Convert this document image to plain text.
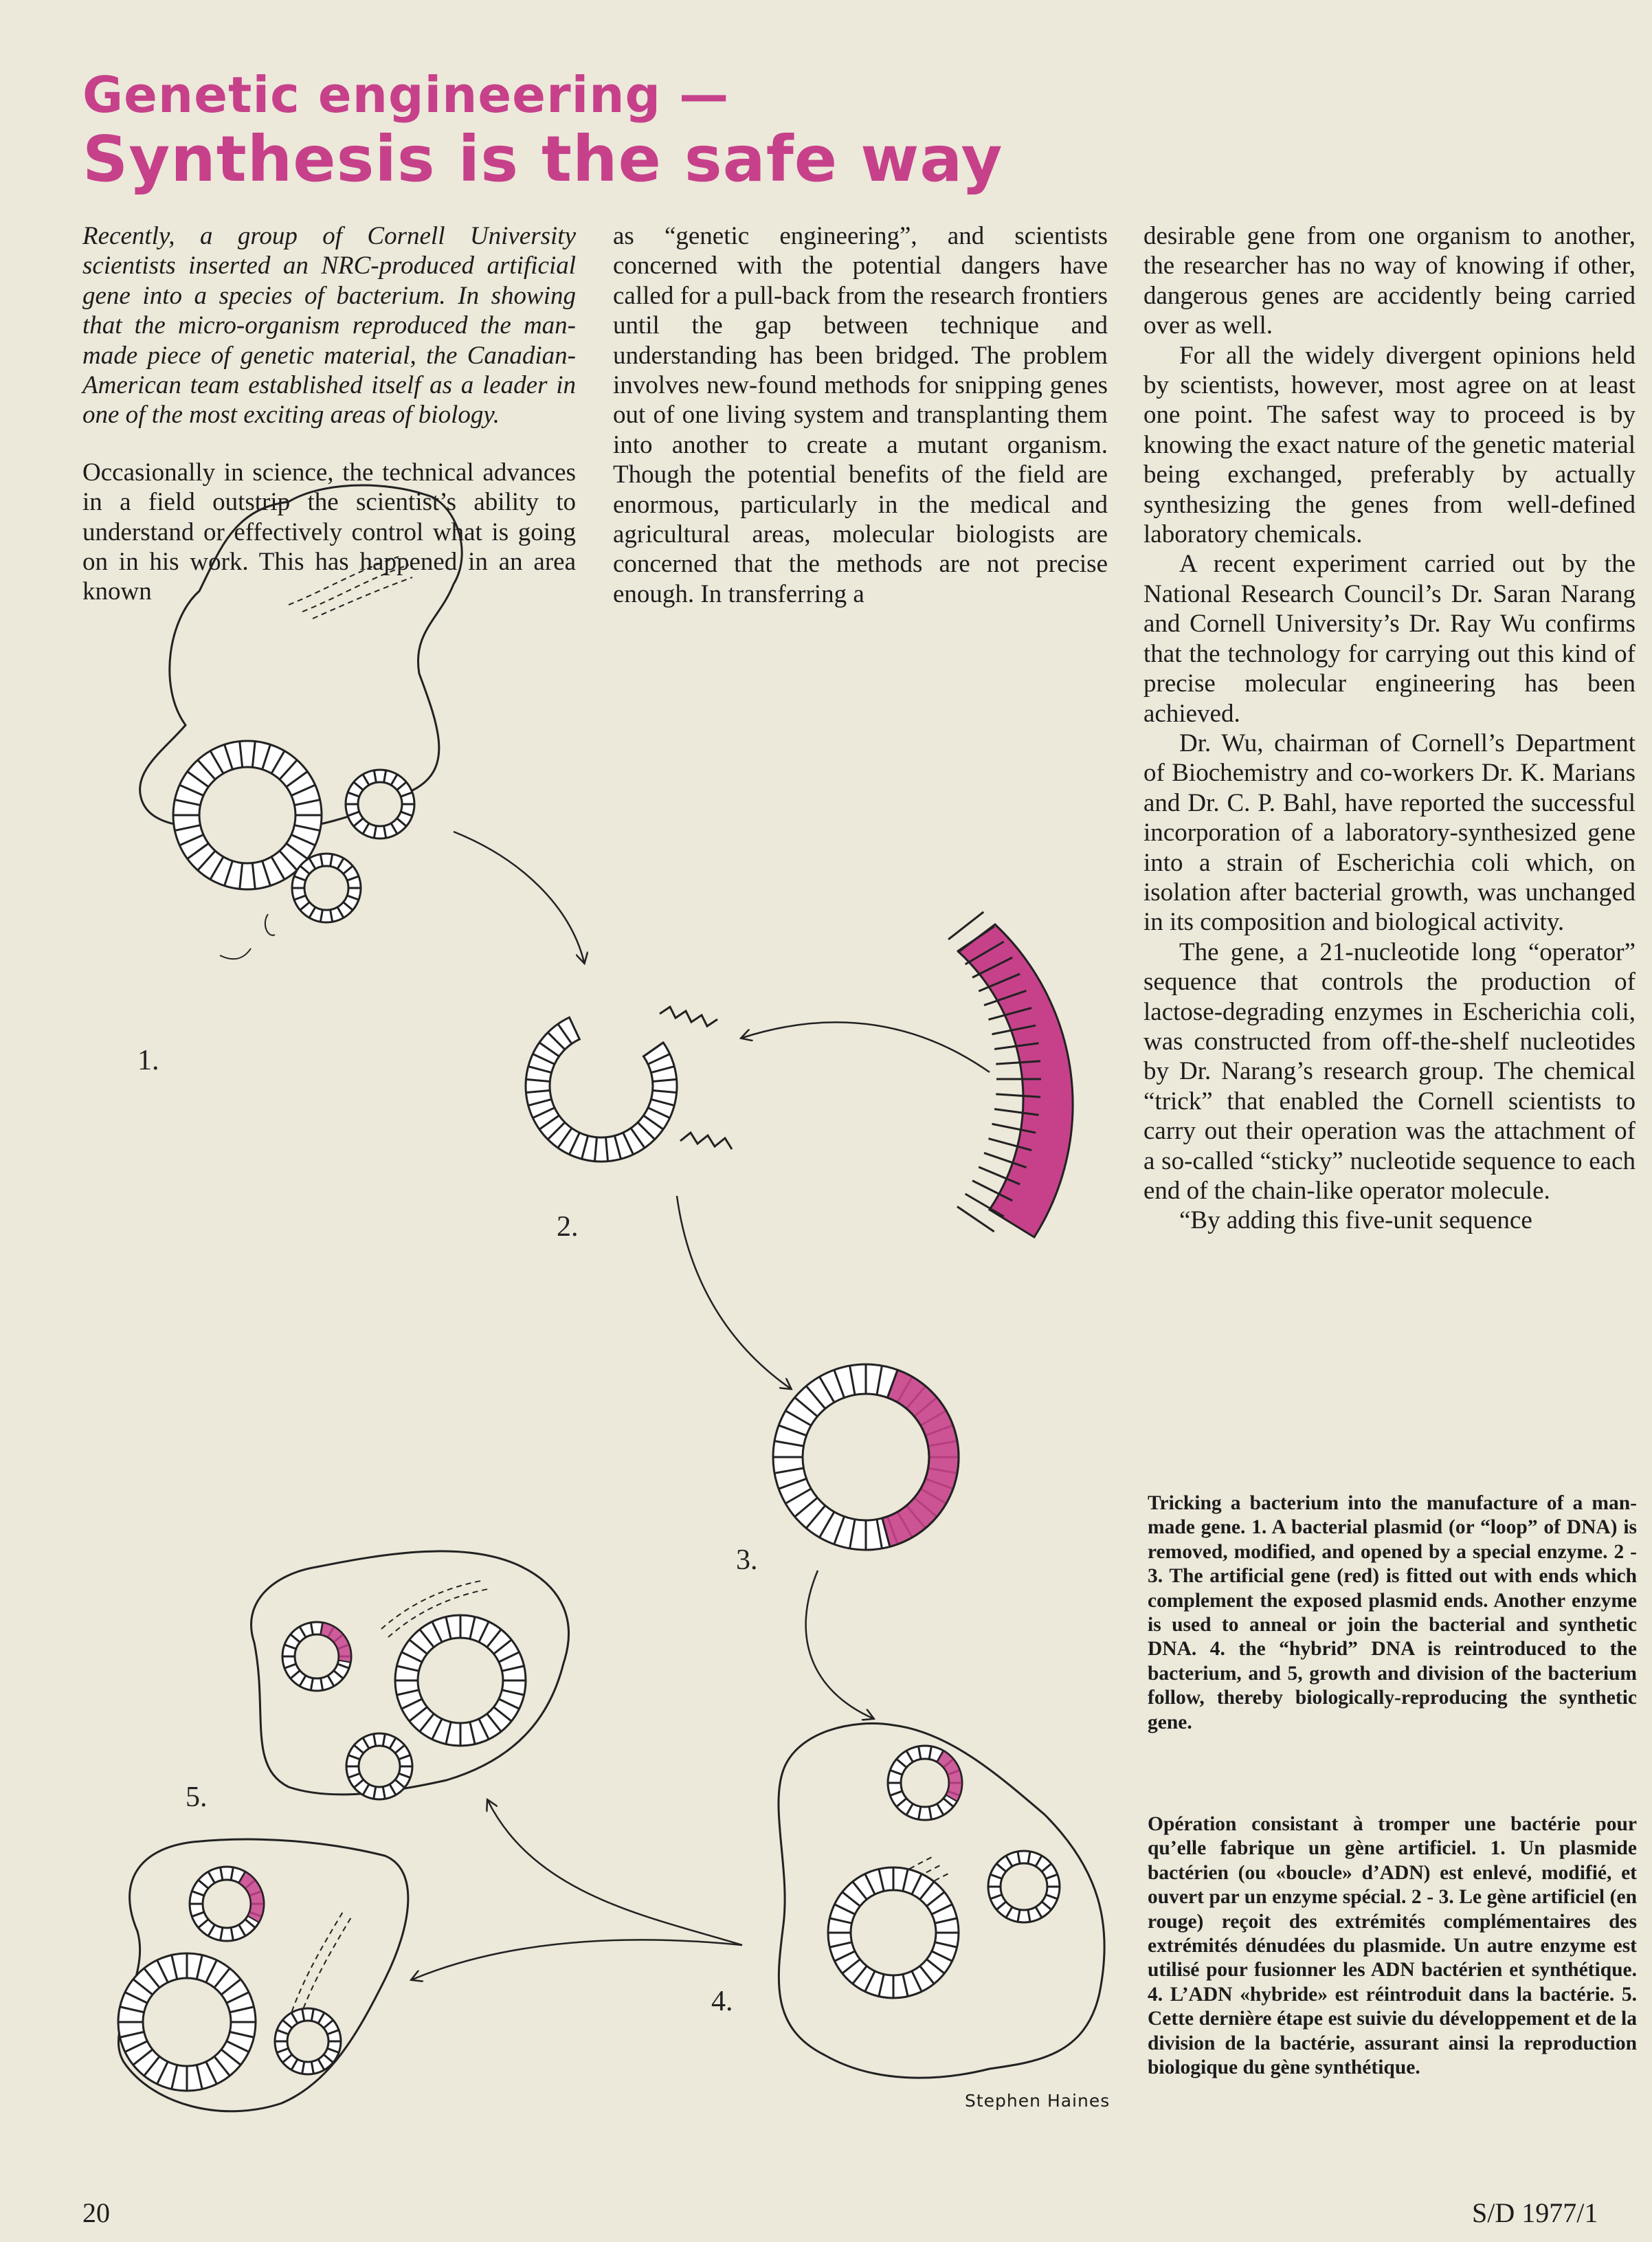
Genetic engineering —
Synthesis is the safe way

Recently, a group of Cornell University scientists inserted an NRC-produced artificial gene into a species of bacterium. In showing that the micro-organism reproduced the man-made piece of genetic material, the Canadian-American team established itself as a leader in one of the most exciting areas of biology.

Occasionally in science, the technical advances in a field outstrip the scientist’s ability to understand or effectively control what is going on in his work. This has happened in an area known

as “genetic engineering”, and scientists concerned with the potential dangers have called for a pull-back from the research frontiers until the gap between technique and understanding has been bridged. The problem involves new-found methods for snipping genes out of one living system and transplanting them into another to create a mutant organism. Though the potential benefits of the field are enormous, particularly in the medical and agricultural areas, molecular biologists are concerned that the methods are not precise enough. In transferring a

desirable gene from one organism to another, the researcher has no way of knowing if other, dangerous genes are accidently being carried over as well.

For all the widely divergent opinions held by scientists, however, most agree on at least one point. The safest way to proceed is by knowing the exact nature of the genetic material being exchanged, preferably by actually synthesizing the genes from well-defined laboratory chemicals.

A recent experiment carried out by the National Research Council’s Dr. Saran Narang and Cornell University’s Dr. Ray Wu confirms that the technology for carrying out this kind of precise molecular engineering has been achieved.

Dr. Wu, chairman of Cornell’s Department of Biochemistry and co-workers Dr. K. Marians and Dr. C. P. Bahl, have reported the successful incorporation of a laboratory-synthesized gene into a strain of Escherichia coli which, on isolation after bacterial growth, was unchanged in its composition and biological activity.

The gene, a 21-nucleotide long “operator” sequence that controls the production of lactose-degrading enzymes in Escherichia coli, was constructed from off-the-shelf nucleotides by Dr. Narang’s research group. The chemical “trick” that enabled the Cornell scientists to carry out their operation was the attachment of a so-called “sticky” nucleotide sequence to each end of the chain-like operator molecule.

“By adding this five-unit sequence

Tricking a bacterium into the manufacture of a man-made gene. 1. A bacterial plasmid (or “loop” of DNA) is removed, modified, and opened by a special enzyme. 2 - 3. The artificial gene (red) is fitted out with ends which complement the exposed plasmid ends. Another enzyme is used to anneal or join the bacterial and synthetic DNA. 4. the “hybrid” DNA is reintroduced to the bacterium, and 5, growth and division of the bacterium follow, thereby biologically-reproducing the synthetic gene.
Opération consistant à tromper une bactérie pour qu’elle fabrique un gène artificiel. 1. Un plasmide bactérien (ou «boucle» d’ADN) est enlevé, modifié, et ouvert par un enzyme spécial. 2 - 3. Le gène artificiel (en rouge) reçoit des extrémités complémentaires des extrémités dénudées du plasmide. Un autre enzyme est utilisé pour fusionner les ADN bactérien et synthétique. 4. L’ADN «hybride» est réintroduit dans la bactérie. 5. Cette dernière étape est suivie du développement et de la division de la bactérie, assurant ainsi la reproduction biologique du gène synthétique.
1.
2.
3.
4.
5.
Stephen Haines
20	S/D 1977/1
